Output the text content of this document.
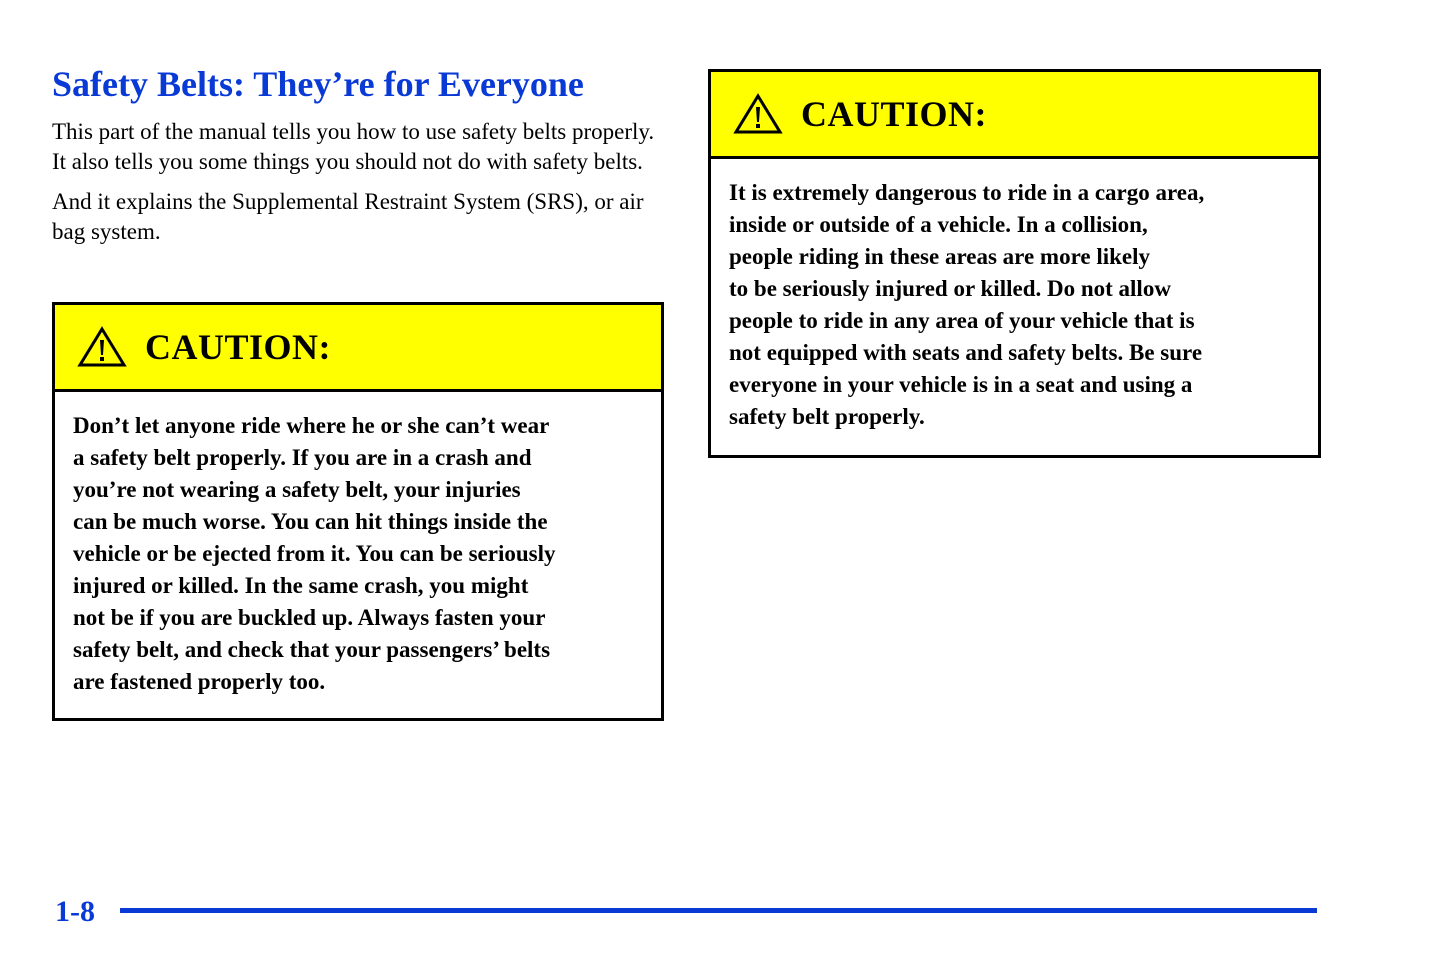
Safety Belts: They’re for Everyone

This part of the manual tells you how to use safety belts properly. It also tells you some things you should not do with safety belts.

And it explains the Supplemental Restraint System (SRS), or air bag system.

CAUTION:
Don’t let anyone ride where he or she can’t wear
a safety belt properly. If you are in a crash and
you’re not wearing a safety belt, your injuries
can be much worse. You can hit things inside the
vehicle or be ejected from it. You can be seriously
injured or killed. In the same crash, you might
not be if you are buckled up. Always fasten your
safety belt, and check that your passengers’ belts
are fastened properly too.
CAUTION:
It is extremely dangerous to ride in a cargo area,
inside or outside of a vehicle. In a collision,
people riding in these areas are more likely
to be seriously injured or killed. Do not allow
people to ride in any area of your vehicle that is
not equipped with seats and safety belts. Be sure
everyone in your vehicle is in a seat and using a
safety belt properly.
1-8
